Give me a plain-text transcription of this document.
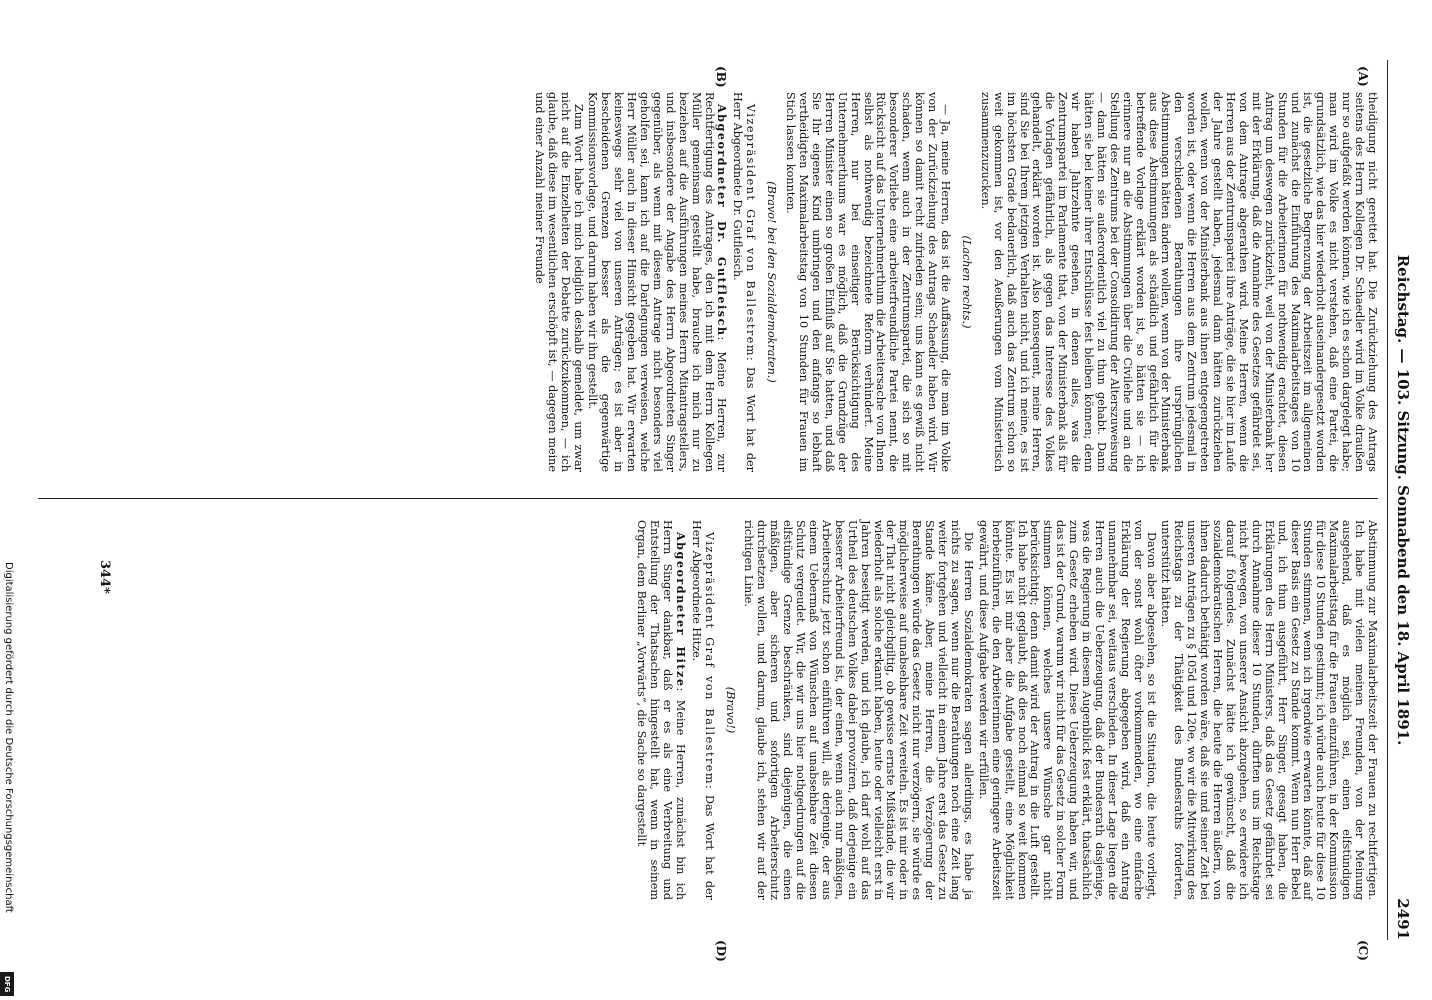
Reichstag. — 103. Sitzung. Sonnabend den 18. April 1891.
2491
(A)
(B)
(C)
(D)

theidigung nicht gerettet hat. Die Zurückziehung des Antrags seitens des Herrn Kollegen Dr. Schaedler wird im Volke draußen nur so aufgefaßt werden können, wie ich es schon dargelegt habe; man wird im Volke es nicht verstehen, daß eine Partei, die grundsätzlich, wie das hier wiederholt auseinandergesetzt worden ist, die gesetzliche Begrenzung der Arbeitszeit im allgemeinen und zunächst die Einführung des Maximalarbeitstages von 10 Stunden für die Arbeiterinnen für nothwendig erachtet, diesen Antrag um deswegen zurückzieht, weil von der Ministerbank her mit der Erklärung, daß die Annahme des Gesetzes gefährdet sei, von dem Antrage abgerathen wird. Meine Herren, wenn die Herren aus der Zentrumspartei ihre Anträge, die sie hier im Laufe der Jahre gestellt haben, jedesmal dann hätten zurückziehen wollen, wenn von der Ministerbank aus ihnen entgegengetreten worden ist, oder wenn die Herren aus dem Zentrum jedesmal in den verschiedenen Berathungen ihre ursprünglichen Abstimmungen hätten ändern wollen, wenn von der Ministerbank aus diese Abstimmungen als schädlich und gefährlich für die betreffende Vorlage erklärt worden ist, so hätten sie — ich erinnere nur an die Abstimmungen über die Civilehe und an die Stellung des Zentrums bei der Consolidirung der Alterszuweisung — dann hätten sie außerordentlich viel zu thun gehabt. Dann hätten sie bei keiner ihrer Entschlüsse fest bleiben können; denn wir haben Jahrzehnte gesehen, in denen alles, was die Zentrumspartei im Parlamente that, von der Ministerbank als für die Vorlagen gefährlich, als gegen das Interesse des Volkes gehandelt, erklärt worden ist. Also konsequent, meine Herren, sind Sie bei Ihrem jetzigen Verhalten nicht, und ich meine, es ist im höchsten Grade bedauerlich, daß auch das Zentrum schon so weit gekommen ist, vor den Aeußerungen vom Ministertisch zusammenzuzucken.

(Lachen rechts.)

— Ja, meine Herren, das ist die Auffassung, die man im Volke von der Zurückziehung des Antrags Schaedler haben wird. Wir können so damit recht zufrieden sein; uns kann es gewiß nicht schaden, wenn auch in der Zentrumspartei, die sich so mit besonderer Vorliebe eine arbeiterfreundliche Partei nennt, die Rücksicht auf das Unternehmerthum die Arbeitersache von Ihnen selbst als nothwendig bezeichnete Reform verhindert. Meine Herren, nur bei einseitiger Berücksichtigung des Unternehmerthums war es möglich, daß die Grundzüge der Herren Minister einen so großen Einfluß auf Sie hatten, und daß Sie Ihr eigenes Kind umbringen und den anfangs so lebhaft vertheidigten Maximalarbeitstag von 10 Stunden für Frauen im Stich lassen konnten.

(Bravo! bei den Sozialdemokraten.)

Vizepräsident Graf von Ballestrem: Das Wort hat der Herr Abgeordnete Dr. Gutfleisch.

Abgeordneter Dr. Gutfleisch: Meine Herren, zur Rechtfertigung des Antrages, den ich mit dem Herrn Kollegen Müller gemeinsam gestellt habe, brauche ich mich nur zu beziehen auf die Ausführungen meines Herrn Mitantragstellers, und insbesondere der Angabe des Herrn Abgeordneten Singer gegenüber, als wenn mit diesem Antrage nicht besonders viel geholfen sei, kann ich auf die Darlegungen verweisen, welche Herr Müller auch in dieser Hinsicht gegeben hat. Wir erwarten keineswegs sehr viel von unseren Anträgen; es ist aber in bescheidenen Grenzen besser als die gegenwärtige Kommissionsvorlage, und darum haben wir ihn gestellt.

Zum Wort habe ich mich lediglich deshalb gemeldet, um zwar nicht auf die Einzelheiten der Debatte zurückzukommen, — ich glaube, daß diese im wesentlichen erschöpft ist, — dagegen meine und einer Anzahl meiner Freunde

Abstimmung zur Maximalarbeitszeit der Frauen zu rechtfertigen. Ich habe mit vielen meinen Freunden, von der Meinung ausgehend, daß es möglich sei, einen elfstündigen Maximalarbeitstag für die Frauen einzuführen, in der Kommission für diese 10 Stunden gestimmt; ich würde auch heute für diese 10 Stunden stimmen, wenn ich irgendwie erwarten könnte, daß auf dieser Basis ein Gesetz zu Stande kommt. Wenn nun Herr Bebel und, ich thun ausgeführt, Herr Singer, gesagt haben, die Erklärungen des Herrn Ministers, daß das Gesetz gefährdet sei durch Annahme dieser 10 Stunden, dürften uns im Reichstage nicht bewegen, von unserer Ansicht abzugehen, so erwidere ich darauf folgendes. Zunächst hätte ich gewünscht, daß die sozialdemokratischen Herren, die heute die Herren äußern, von ihnen dadurch bethätigt worden wäre, daß sie und seiner Zeit bei unseren Anträgen zu § 105d und 120e, wo wir die Mitwirkung des Reichstags zu der Thätigkeit des Bundesraths forderten, unterstützt hätten.

Davon aber abgesehen, so ist die Situation, die heute vorliegt, von der sonst wohl öfter vorkommenden, wo eine einfache Erklärung der Regierung abgegeben wird, daß ein Antrag unannehmbar sei, weitaus verschieden. In dieser Lage liegen die Herren auch die Ueberzeugung, daß der Bundesrath dasjenige, was die Regierung in diesem Augenblick fest erklärt, thatsächlich zum Gesetz erheben wird. Diese Ueberzeugung haben wir, und das ist der Grund, warum wir nicht für das Gesetz in solcher Form stimmen können, welches unsere Wünsche gar nicht berücksichtigt; denn damit wird der Antrag in die Luft gestellt. Ich habe nicht geglaubt, daß dies noch einmal so weit kommen könnte. Es ist mir aber die Aufgabe gestellt, eine Möglichkeit herbeizuführen, die den Arbeiterinnen eine geringere Arbeitszeit gewährt, und diese Aufgabe werden wir erfüllen.

Die Herren Sozialdemokraten sagen allerdings, es habe ja nichts zu sagen, wenn nur die Berathungen noch eine Zeit lang weiter fortgehen und vielleicht in einem Jahre erst das Gesetz zu Stande käme. Aber, meine Herren, die Verzögerung der Berathungen würde das Gesetz nicht nur verzögern, sie würde es möglicherweise auf unabsehbare Zeit vereiteln. Es ist mir oder in der That nicht gleichgiltig, ob gewisse ernste Mißstände, die wir wiederholt als solche erkannt haben, heute oder vielleicht erst in Jahren beseitigt werden, und ich glaube, ich darf wohl auf das Urtheil des deutschen Volkes dabei provoziren, daß derjenige ein besserer Arbeiterfreund ist, der einen, wenn auch nur mäßigen, Arbeiterschutz jetzt schon einführen will, als derjenige, der aus einem Uebermaß von Wünschen auf unabsehbare Zeit diesen Schutz vergeudet. Wir, die wir uns hier nothgedrungen auf die elfstündige Grenze beschränken, sind diejenigen, die einen mäßigen, aber sicheren und sofortigen Arbeiterschutz durchsetzen wollen, und darum, glaube ich, stehen wir auf der richtigen Linie.

(Bravo!)

Vizepräsident Graf von Ballestrem: Das Wort hat der Herr Abgeordnete Hitze.

Abgeordneter Hitze: Meine Herren, zunächst bin ich Herrn Singer dankbar, daß er es als eine Verbreitung und Entstellung der Thatsachen hingestellt hat, wenn in seinem Organ, dem Berliner „Vorwärts“, die Sache so dargestellt

344*
Digitalisierung gefördert durch die Deutsche Forschungsgemeinschaft
DFG
